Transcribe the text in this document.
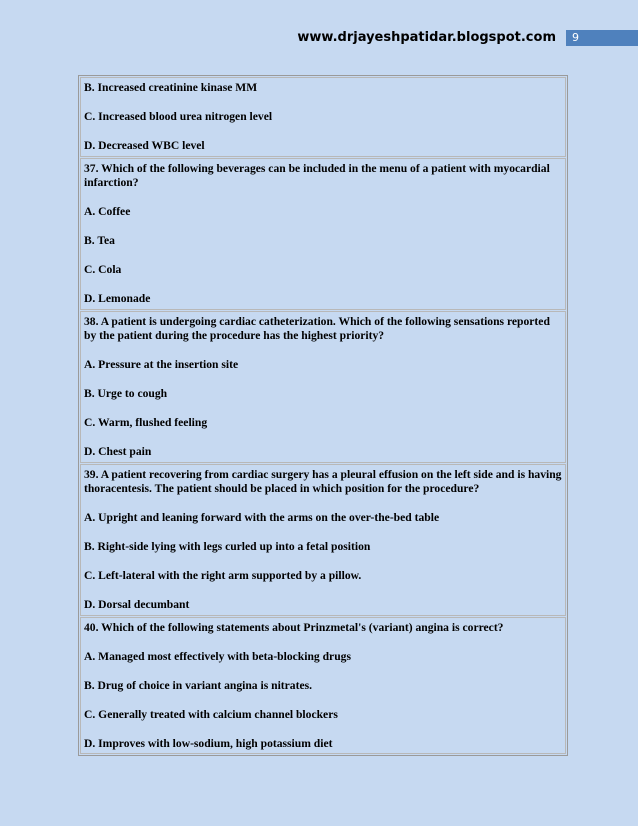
www.drjayeshpatidar.blogspot.com	9

B. Increased creatinine kinase MM

C. Increased blood urea nitrogen level

D. Decreased WBC level

37. Which of the following beverages can be included in the menu of a patient with myocardial infarction?

A. Coffee

B. Tea

C. Cola

D. Lemonade

38. A patient is undergoing cardiac catheterization. Which of the following sensations reported by the patient during the procedure has the highest priority?

A. Pressure at the insertion site

B. Urge to cough

C. Warm, flushed feeling

D. Chest pain

39. A patient recovering from cardiac surgery has a pleural effusion on the left side and is having thoracentesis. The patient should be placed in which position for the procedure?

A. Upright and leaning forward with the arms on the over-the-bed table

B. Right-side lying with legs curled up into a fetal position

C. Left-lateral with the right arm supported by a pillow.

D. Dorsal decumbant

40. Which of the following statements about Prinzmetal's (variant) angina is correct?

A. Managed most effectively with beta-blocking drugs

B. Drug of choice in variant angina is nitrates.

C. Generally treated with calcium channel blockers

D. Improves with low-sodium, high potassium diet
